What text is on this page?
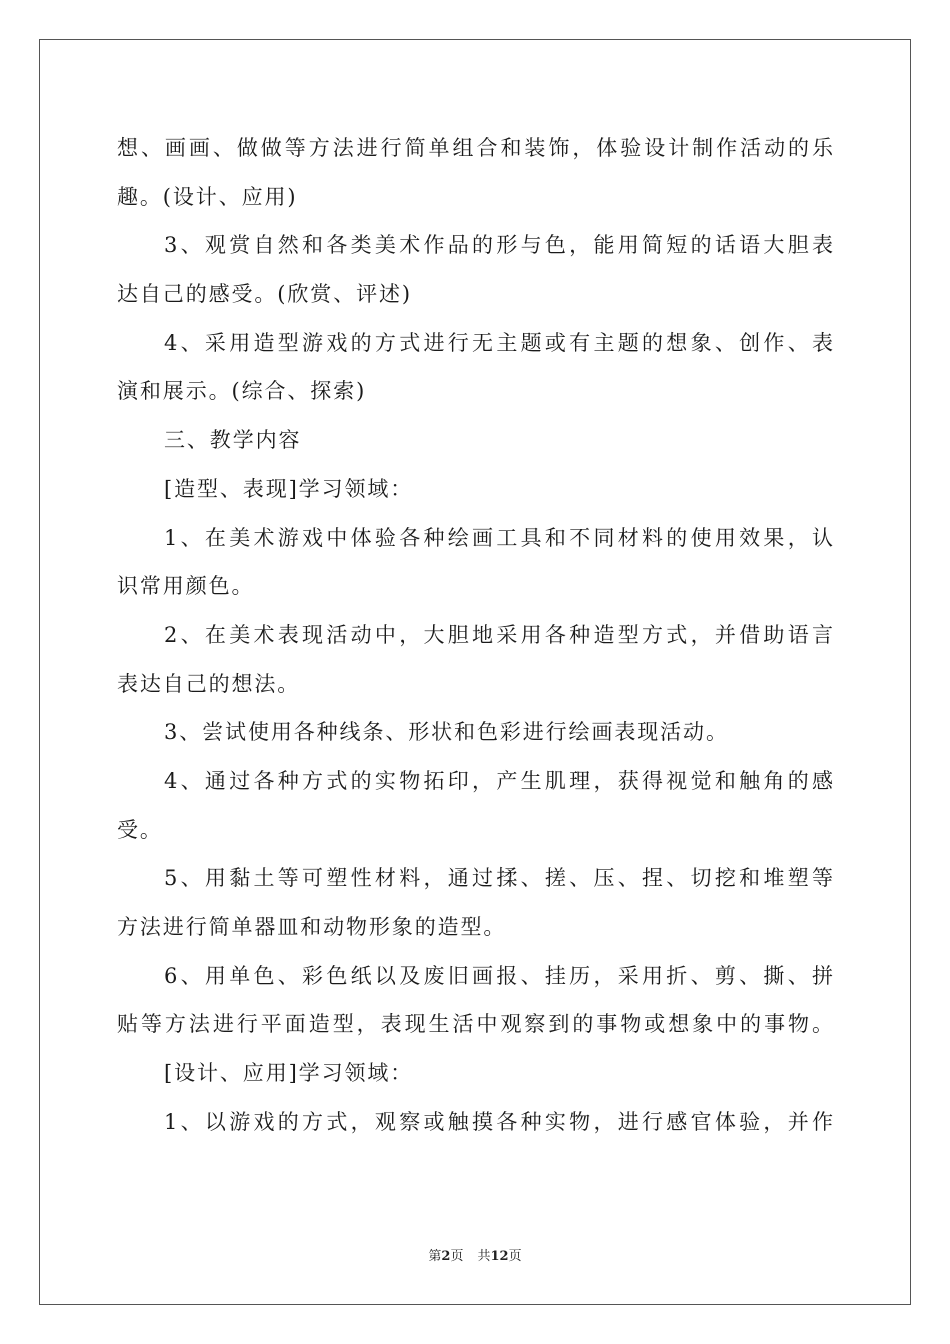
想、画画、做做等方法进行简单组合和装饰，体验设计制作活动的乐
趣。(设计、应用)
3、观赏自然和各类美术作品的形与色，能用简短的话语大胆表
达自己的感受。(欣赏、评述)
4、采用造型游戏的方式进行无主题或有主题的想象、创作、表
演和展示。(综合、探索)
三、教学内容
[造型、表现]学习领域：
1、在美术游戏中体验各种绘画工具和不同材料的使用效果，认
识常用颜色。
2、在美术表现活动中，大胆地采用各种造型方式，并借助语言
表达自己的想法。
3、尝试使用各种线条、形状和色彩进行绘画表现活动。
4、通过各种方式的实物拓印，产生肌理，获得视觉和触角的感
受。
5、用黏土等可塑性材料，通过揉、搓、压、捏、切挖和堆塑等
方法进行简单器皿和动物形象的造型。
6、用单色、彩色纸以及废旧画报、挂历，采用折、剪、撕、拼
贴等方法进行平面造型，表现生活中观察到的事物或想象中的事物。
[设计、应用]学习领域：
1、以游戏的方式，观察或触摸各种实物，进行感官体验，并作
第2页 共12页
